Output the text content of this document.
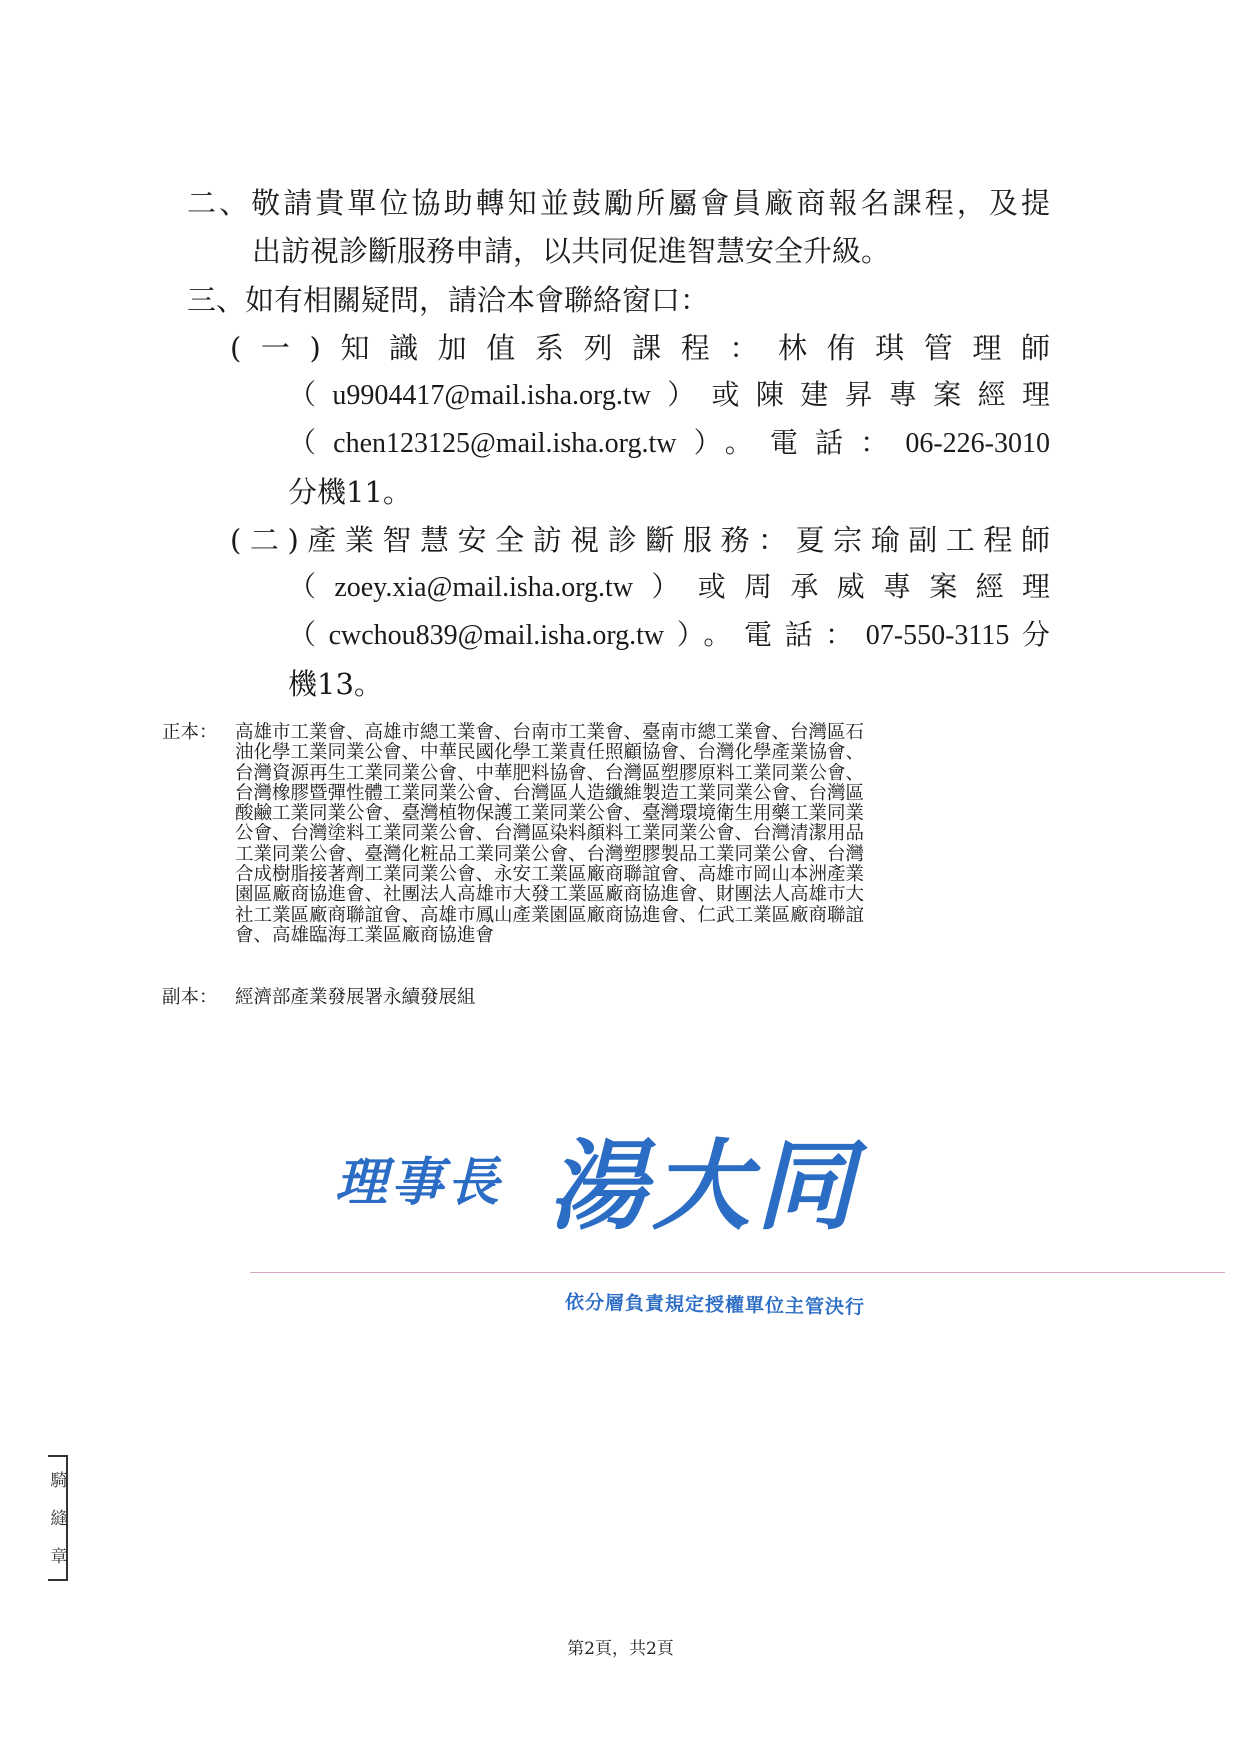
二、敬請貴單位協助轉知並鼓勵所屬會員廠商報名課程，及提
出訪視診斷服務申請，以共同促進智慧安全升級。
三、如有相關疑問，請洽本會聯絡窗口：
(一)知識加值系列課程：林侑琪管理師
（u9904417@mail.isha.org.tw）或陳建昇專案經理
（chen123125@mail.isha.org.tw）。電話：06-226-3010
分機11。
(二)產業智慧安全訪視診斷服務：夏宗瑜副工程師
（zoey.xia@mail.isha.org.tw）或周承威專案經理
（cwchou839@mail.isha.org.tw）。電話：07-550-3115分
機13。
正本： 高雄市工業會、高雄市總工業會、台南市工業會、臺南市總工業會、台灣區石
油化學工業同業公會、中華民國化學工業責任照顧協會、台灣化學產業協會、
台灣資源再生工業同業公會、中華肥料協會、台灣區塑膠原料工業同業公會、
台灣橡膠暨彈性體工業同業公會、台灣區人造纖維製造工業同業公會、台灣區
酸鹼工業同業公會、臺灣植物保護工業同業公會、臺灣環境衛生用藥工業同業
公會、台灣塗料工業同業公會、台灣區染料顏料工業同業公會、台灣清潔用品
工業同業公會、臺灣化粧品工業同業公會、台灣塑膠製品工業同業公會、台灣
合成樹脂接著劑工業同業公會、永安工業區廠商聯誼會、高雄市岡山本洲產業
園區廠商協進會、社團法人高雄市大發工業區廠商協進會、財團法人高雄市大
社工業區廠商聯誼會、高雄市鳳山產業園區廠商協進會、仁武工業區廠商聯誼
會、高雄臨海工業區廠商協進會
副本： 經濟部產業發展署永續發展組
理事長 湯大同
依分層負責規定授權單位主管決行
騎
縫
章
第2頁，共2頁
